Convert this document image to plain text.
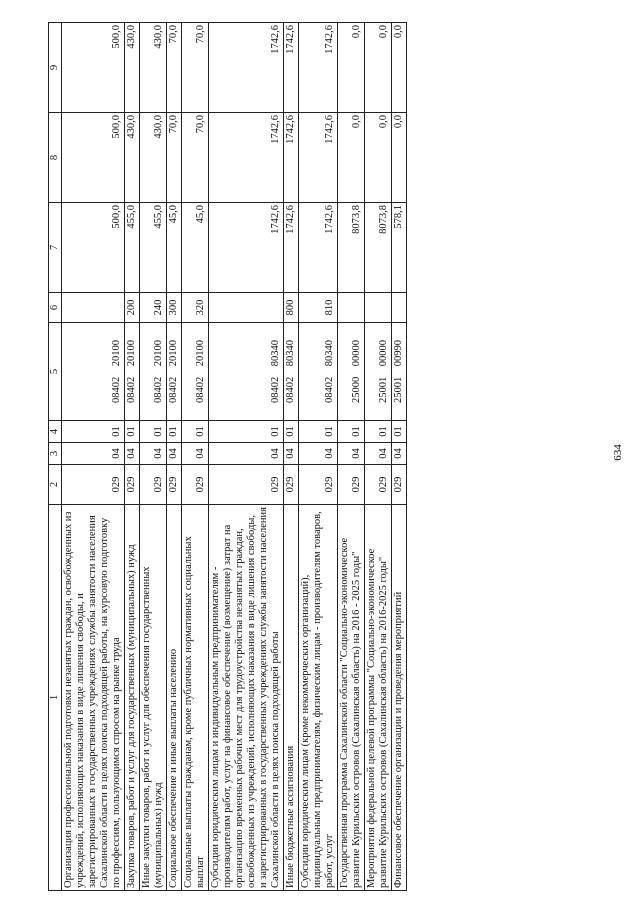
1	2	3	4	5	6	7	8	9
Организация профессиональной подготовки незанятых граждан, освобожденных из учреждений, исполняющих наказания в виде лишения свободы, и зарегистрированных в государственных учреждениях службы занятости населения Сахалинской области в целях поиска подходящей работы, на курсовую подготовку по профессиям, пользующимся спросом на рынке труда	029	04	01	08402 20100		500,0	500,0	500,0
Закупка товаров, работ и услуг для государственных (муниципальных) нужд	029	04	01	08402 20100	200	455,0	430,0	430,0
Иные закупки товаров, работ и услуг для обеспечения государственных (муниципальных) нужд	029	04	01	08402 20100	240	455,0	430,0	430,0
Социальное обеспечение и иные выплаты населению	029	04	01	08402 20100	300	45,0	70,0	70,0
Социальные выплаты гражданам, кроме публичных нормативных социальных выплат	029	04	01	08402 20100	320	45,0	70,0	70,0
Субсидии юридическим лицам и индивидуальным предпринимателям - производителям работ, услуг на финансовое обеспечение (возмещение) затрат на организацию временных рабочих мест для трудоустройства незанятых граждан, освобожденных из учреждений, исполняющих наказания в виде лишения свободы, и зарегистрированных в государственных учреждениях службы занятости населения Сахалинской области в целях поиска подходящей работы	029	04	01	08402 80340		1742,6	1742,6	1742,6
Иные бюджетные ассигнования	029	04	01	08402 80340	800	1742,6	1742,6	1742,6
Субсидии юридическим лицам (кроме некоммерческих организаций), индивидуальным предпринимателям, физическим лицам - производителям товаров, работ, услуг	029	04	01	08402 80340	810	1742,6	1742,6	1742,6
Государственная программа Сахалинской области "Социально-экономическое развитие Курильских островов (Сахалинская область) на 2016 - 2025 годы"	029	04	01	25000 00000		8073,8	0,0	0,0
Мероприятия федеральной целевой программы "Социально-экономическое развитие Курильских островов (Сахалинская область) на 2016-2025 годы"	029	04	01	25001 00000		8073,8	0,0	0,0
Финансовое обеспечение организации и проведения мероприятий	029	04	01	25001 00990		578,1	0,0	0,0
634
